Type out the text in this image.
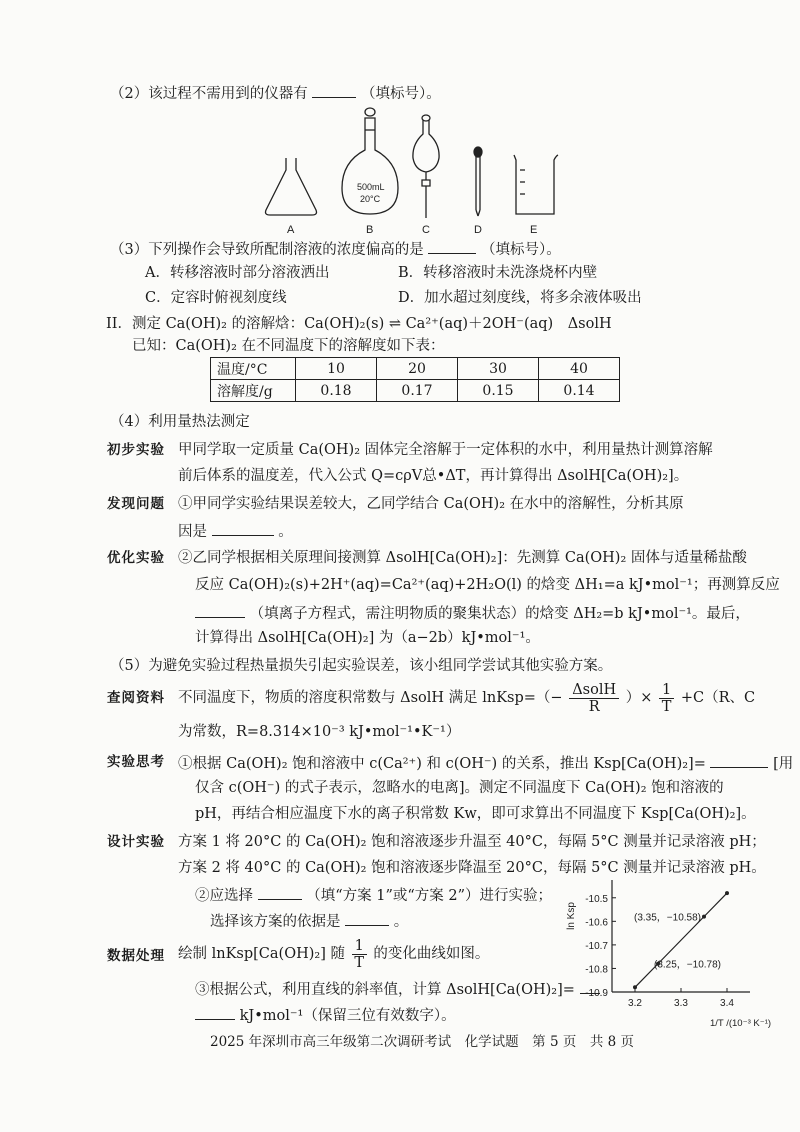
（2）该过程不需用到的仪器有	（填标号）。
500mL
20°C
A	B	C	D	E
（3）下列操作会导致所配制溶液的浓度偏高的是	（填标号）。
A．转移溶液时部分溶液洒出	B．转移溶液时未洗涤烧杯内壁
C．定容时俯视刻度线	D．加水超过刻度线，将多余液体吸出
II．测定 Ca(OH)₂ 的溶解焓：Ca(OH)₂(s) ⇌ Ca²⁺(aq)＋2OH⁻(aq)　ΔsolH
已知：Ca(OH)₂ 在不同温度下的溶解度如下表：
温度/°C	10	20	30	40
溶解度/g	0.18	0.17	0.15	0.14
（4）利用量热法测定
初步实验 甲同学取一定质量 Ca(OH)₂ 固体完全溶解于一定体积的水中，利用量热计测算溶解
前后体系的温度差，代入公式 Q=cρV总•ΔT，再计算得出 ΔsolH[Ca(OH)₂]。
发现问题 ①甲同学实验结果误差较大，乙同学结合 Ca(OH)₂ 在水中的溶解性，分析其原
因是	。
优化实验 ②乙同学根据相关原理间接测算 ΔsolH[Ca(OH)₂]：先测算 Ca(OH)₂ 固体与适量稀盐酸
反应 Ca(OH)₂(s)+2H⁺(aq)=Ca²⁺(aq)+2H₂O(l) 的焓变 ΔH₁=a kJ•mol⁻¹；再测算反应
（填离子方程式，需注明物质的聚集状态）的焓变 ΔH₂=b kJ•mol⁻¹。最后，
计算得出 ΔsolH[Ca(OH)₂] 为（a−2b）kJ•mol⁻¹。
（5）为避免实验过程热量损失引起实验误差，该小组同学尝试其他实验方案。
查阅资料 不同温度下，物质的溶度积常数与 ΔsolH 满足 lnKsp=（− $\frac{\text{ΔsolH}}{R}$ ）× $\frac{1}{T} +C(R$、C
为常数，R=8.314×10⁻³ kJ•mol⁻¹•K⁻¹）
实验思考 ①根据 Ca(OH)₂ 饱和溶液中 c(Ca²⁺) 和 c(OH⁻) 的关系，推出 Ksp[Ca(OH)₂]=	[用
仅含 c(OH⁻) 的式子表示，忽略水的电离]。测定不同温度下 Ca(OH)₂ 饱和溶液的
pH，再结合相应温度下水的离子积常数 Kw，即可求算出不同温度下 Ksp[Ca(OH)₂]。
设计实验 方案 1 将 20°C 的 Ca(OH)₂ 饱和溶液逐步升温至 40°C，每隔 5°C 测量并记录溶液 pH；
方案 2 将 40°C 的 Ca(OH)₂ 饱和溶液逐步降温至 20°C，每隔 5°C 测量并记录溶液 pH。
②应选择	（填“方案 1”或“方案 2”）进行实验；
选择该方案的依据是	。
数据处理 绘制 lnKsp[Ca(OH)₂] 随 $\frac{1}{T}$ 的变化曲线如图。
③根据公式，利用直线的斜率值，计算 ΔsolH[Ca(OH)₂]=
kJ•mol⁻¹（保留三位有效数字）。
-10.5
-10.6
-10.7
-10.8
-10.9
3.2	3.3	3.4
ln Ksp
1/T /(10⁻³ K⁻¹)
(3.35，−10.58)
(3.25，−10.78)
2025 年深圳市高三年级第二次调研考试　化学试题　第 5 页　共 8 页
